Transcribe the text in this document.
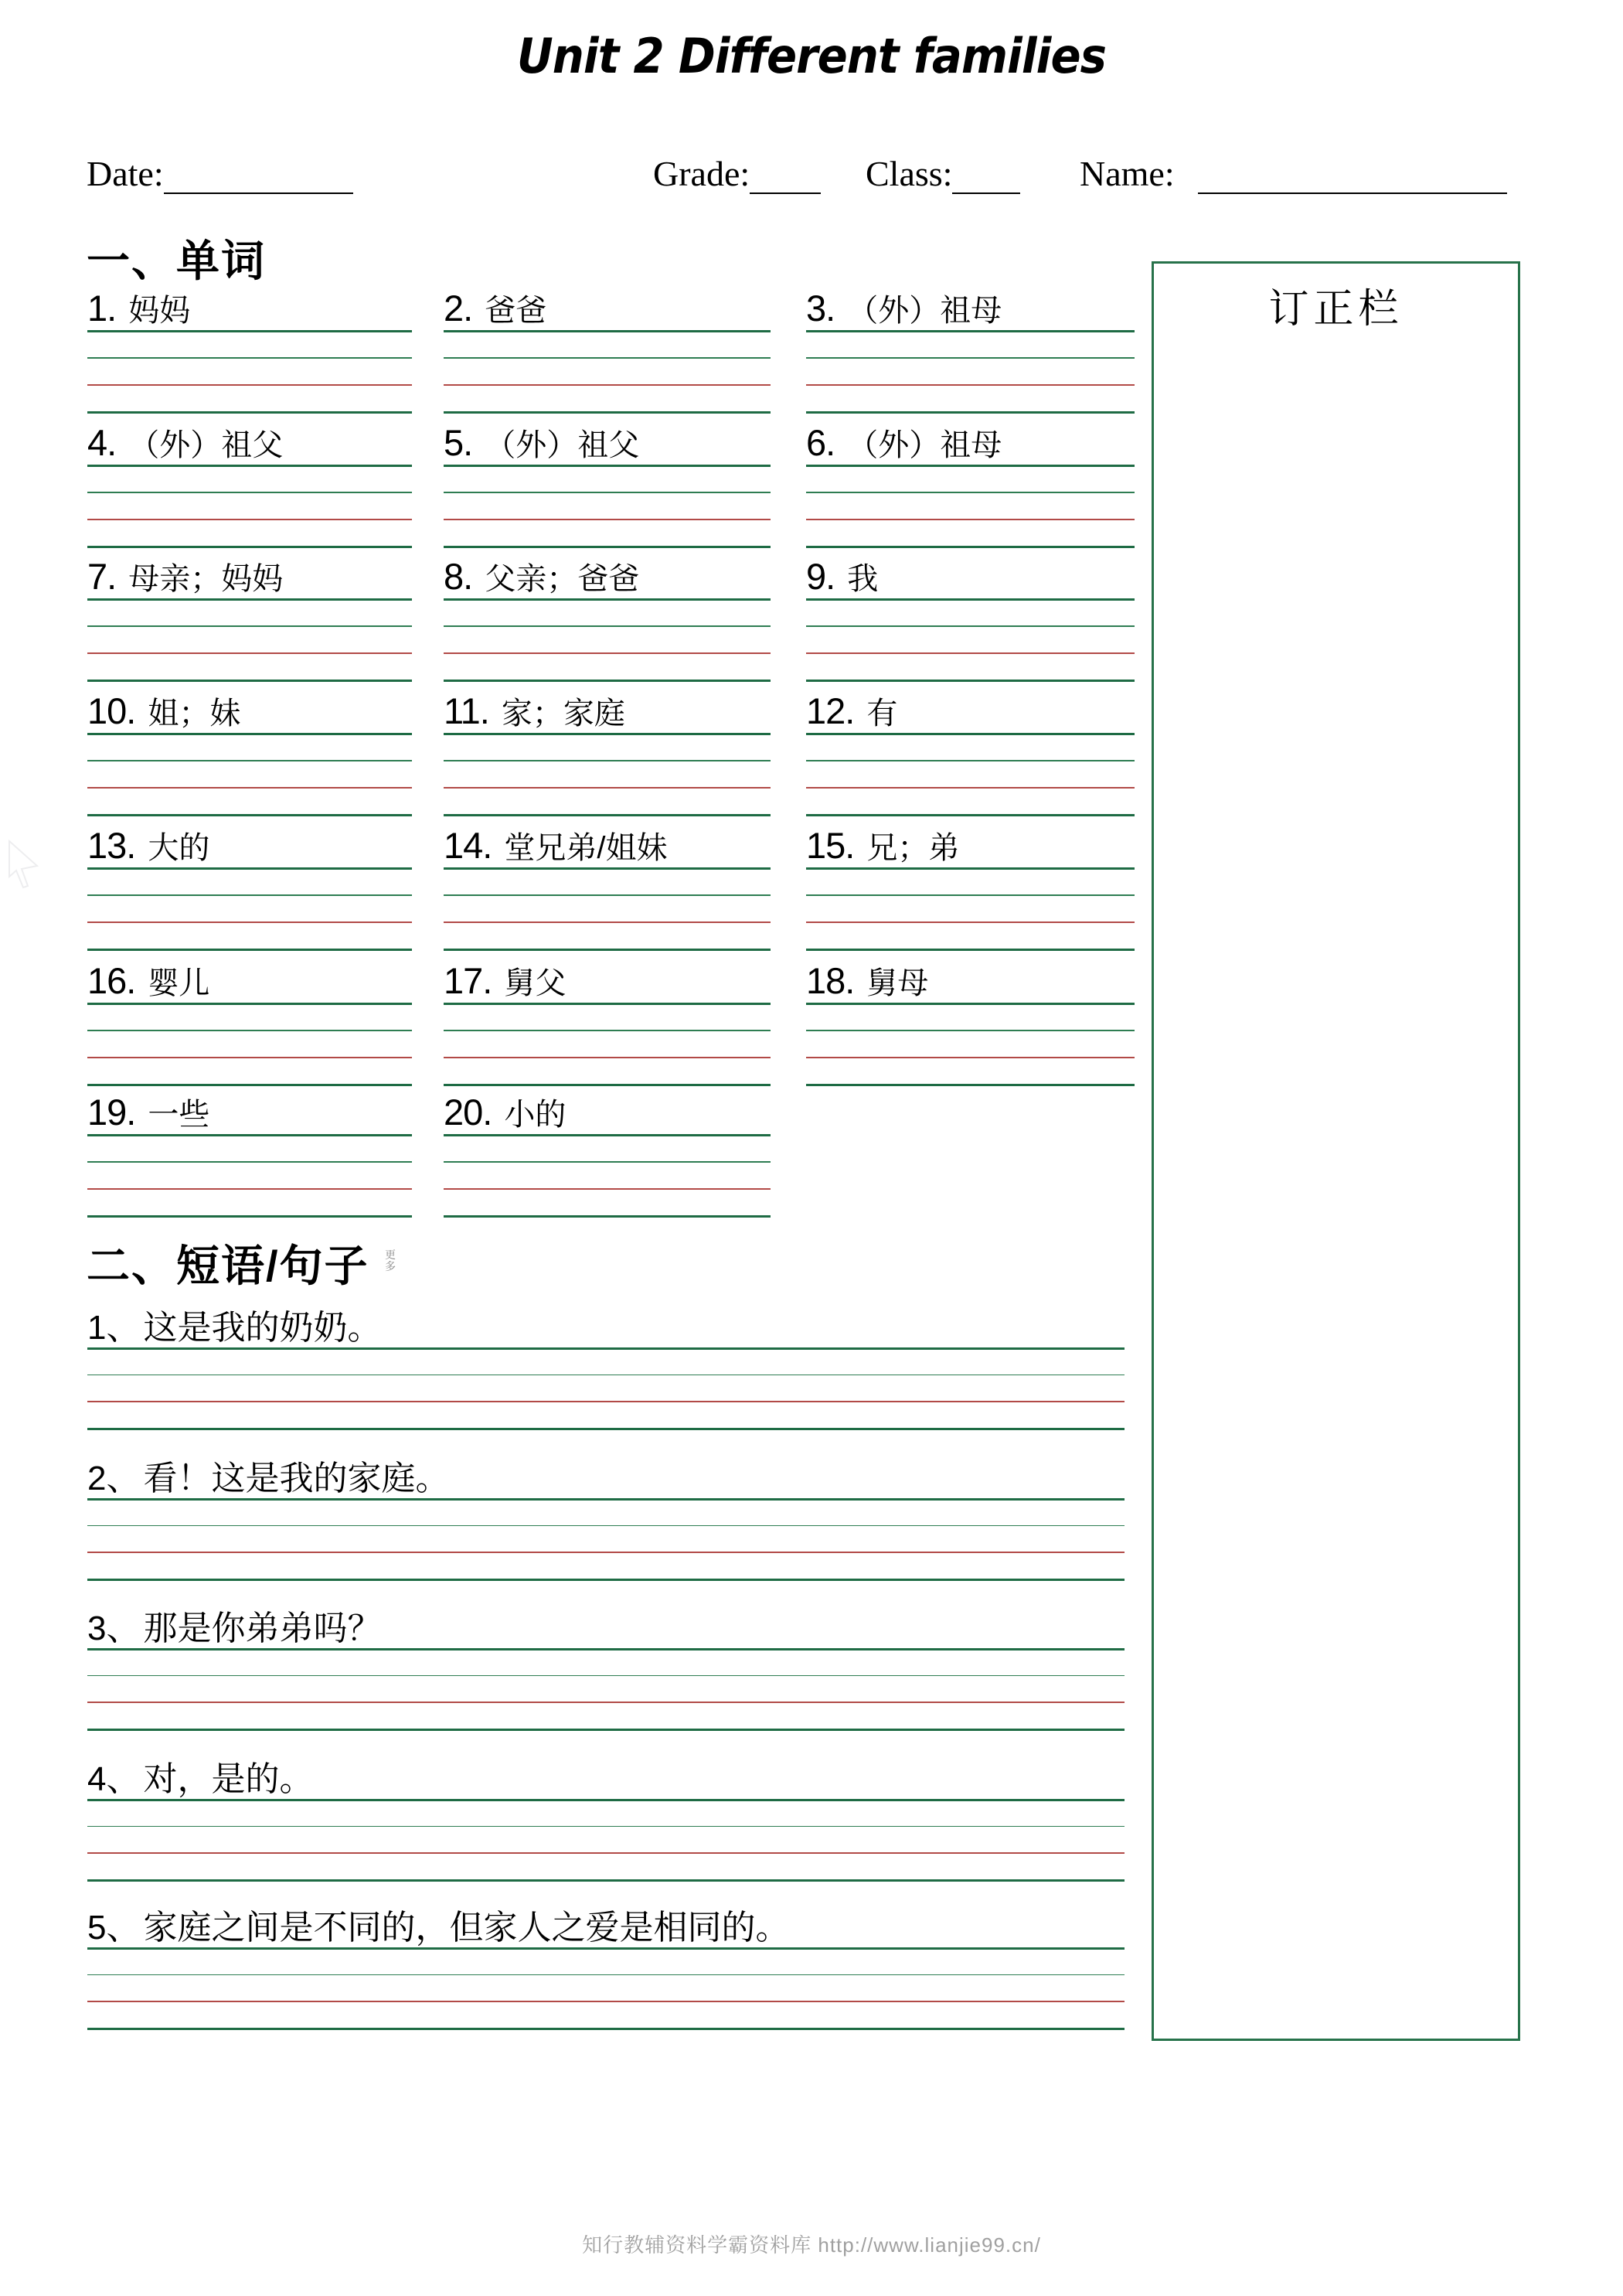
Unit 2 Different families
Date:	Grade:	Class:	Name:
一、单词
1. 妈妈	2. 爸爸	3. （外）祖母
4. （外）祖父	5. （外）祖父	6. （外）祖母
7. 母亲；妈妈	8. 父亲；爸爸	9. 我
10. 姐；妹	11. 家；家庭	12. 有
13. 大的	14. 堂兄弟/姐妹	15. 兄；弟
16. 婴儿	17. 舅父	18. 舅母
19. 一些	20. 小的
二、短语/句子 更多
1、 这是我的奶奶。
2、 看！这是我的家庭。
3、 那是你弟弟吗？
4、 对，是的。
5、 家庭之间是不同的，但家人之爱是相同的。
订正栏
知行教辅资料学霸资料库 http://www.lianjie99.cn/
